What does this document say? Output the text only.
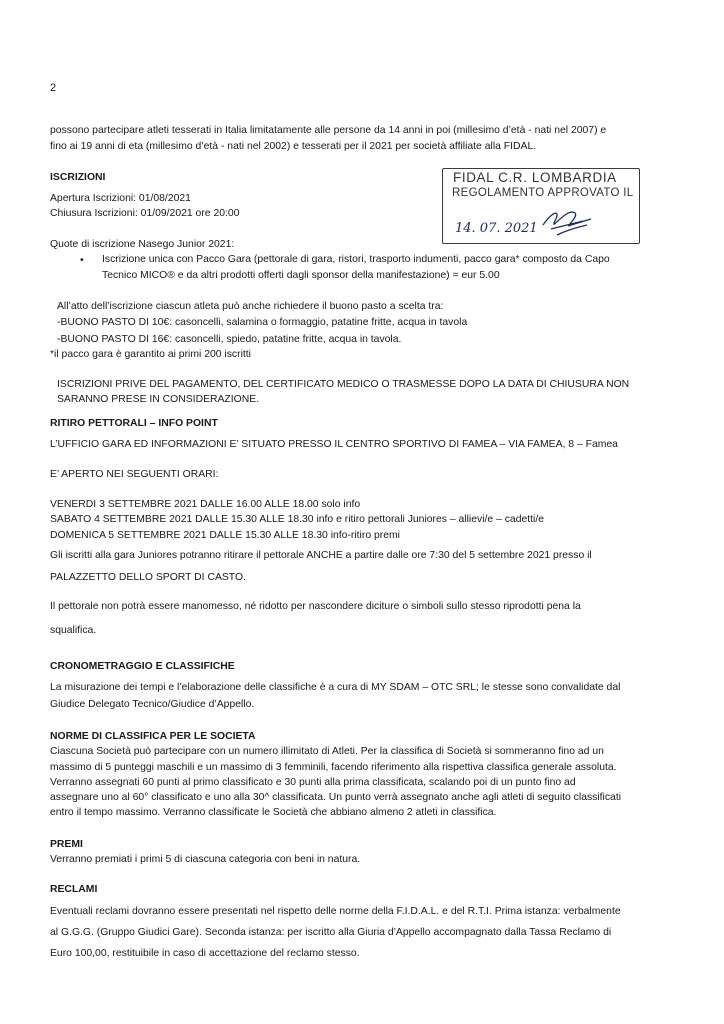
2
possono partecipare atleti tesserati in Italia limitatamente alle persone da 14 anni in poi (millesimo d’età - nati nel 2007) e
fino ai 19 anni di eta (millesimo d’età - nati nel 2002) e tesserati per il 2021 per società affiliate alla FIDAL.
FIDAL C.R. LOMBARDIA
REGOLAMENTO APPROVATO IL
14. 07. 2021
ISCRIZIONI
Apertura Iscrizioni: 01/08/2021
Chiusura Iscrizioni: 01/09/2021 ore 20:00
Quote di iscrizione Nasego Junior 2021:
• Iscrizione unica con Pacco Gara (pettorale di gara, ristori, trasporto indumenti, pacco gara* composto da Capo
Tecnico MICO® e da altri prodotti offerti dagli sponsor della manifestazione) = eur 5.00
All’atto dell’iscrizione ciascun atleta può anche richiedere il buono pasto a scelta tra:
-BUONO PASTO DI 10€: casoncelli, salamina o formaggio, patatine fritte, acqua in tavola
-BUONO PASTO DI 16€: casoncelli, spiedo, patatine fritte, acqua in tavola.
*il pacco gara è garantito ai primi 200 iscritti
ISCRIZIONI PRIVE DEL PAGAMENTO, DEL CERTIFICATO MEDICO O TRASMESSE DOPO LA DATA DI CHIUSURA NON
SARANNO PRESE IN CONSIDERAZIONE.
RITIRO PETTORALI – INFO POINT
L’UFFICIO GARA ED INFORMAZIONI E’ SITUATO PRESSO IL CENTRO SPORTIVO DI FAMEA – VIA FAMEA, 8 – Famea
E’ APERTO NEI SEGUENTI ORARI:
VENERDI 3 SETTEMBRE 2021 DALLE 16.00 ALLE 18.00 solo info
SABATO 4 SETTEMBRE 2021 DALLE 15.30 ALLE 18.30 info e ritiro pettorali Juniores – allievi/e – cadetti/e
DOMENICA 5 SETTEMBRE 2021 DALLE 15.30 ALLE 18.30 info-ritiro premi
Gli iscritti alla gara Juniores potranno ritirare il pettorale ANCHE a partire dalle ore 7:30 del 5 settembre 2021 presso il
PALAZZETTO DELLO SPORT DI CASTO.
Il pettorale non potrà essere manomesso, né ridotto per nascondere diciture o simboli sullo stesso riprodotti pena la
squalifica.
CRONOMETRAGGIO E CLASSIFICHE
La misurazione dei tempi e l’elaborazione delle classifiche è a cura di MY SDAM – OTC SRL; le stesse sono convalidate dal
Giudice Delegato Tecnico/Giudice d’Appello.
NORME DI CLASSIFICA PER LE SOCIETA
Ciascuna Società può partecipare con un numero illimitato di Atleti. Per la classifica di Società si sommeranno fino ad un
massimo di 5 punteggi maschili e un massimo di 3 femminili, facendo riferimento alla rispettiva classifica generale assoluta.
Verranno assegnati 60 punti al primo classificato e 30 punti alla prima classificata, scalando poi di un punto fino ad
assegnare uno al 60° classificato e uno alla 30^ classificata. Un punto verrà assegnato anche agli atleti di seguito classificati
entro il tempo massimo. Verranno classificate le Società che abbiano almeno 2 atleti in classifica.
PREMI
Verranno premiati i primi 5 di ciascuna categoria con beni in natura.
RECLAMI
Eventuali reclami dovranno essere presentati nel rispetto delle norme della F.I.D.A.L. e del R.T.I. Prima istanza: verbalmente
al G.G.G. (Gruppo Giudici Gare). Seconda istanza: per iscritto alla Giuria d’Appello accompagnato dalla Tassa Reclamo di
Euro 100,00, restituibile in caso di accettazione del reclamo stesso.
